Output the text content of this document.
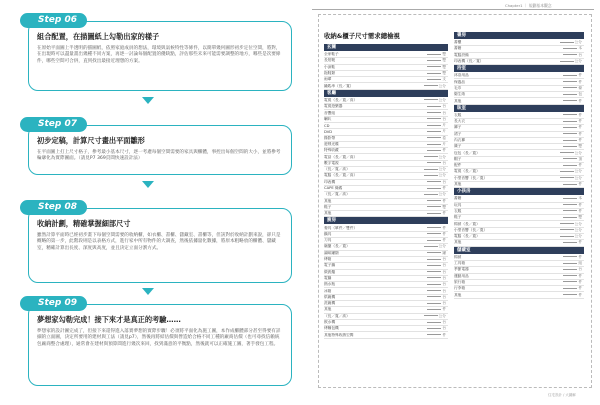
組合配置，在描圖紙上勾勒出家的樣子
在原始平面圖上半透明的描圖紙，依照家庭成員的想法，環境與氣候特性等條件，以簡單幾何圖形初步定位空間，將對，在出現時可以盡量畫出幾種不同方案，再逐一討論每個配置的優缺點，評估那些未來可能需要調整的地方，哪些是次要條件，哪些空間可合併，直到找出最接近理想的方案。
Step 06
初步定稿，計算尺寸畫出平面雛形
在平面圖上打上尺寸格子，參考最小基本尺寸，逐一考慮每個空間需要的家具與櫃體，事控出每個空間的大小，並將參考輪廓化為實際圖面。（請見P7 369頁間快速設計法）
Step 07
收納計劃，精確掌握細部尺寸
雖然計算平面時已經初步畫下每個空間需要的收納櫃，如衣櫃、書櫃、儲藏室、書櫃等，但該對於收納計劃來說，卻只是概略的第一步，此階段則是以表格方式，進行家中所有物件的大調查，然後依據量化數據，將原本粗略放的櫃體、儲藏室，精確計算出長度、深度與高度，並且決定立面分割方式。
Step 08
夢想家勾勒完成！接下來才是真正的考驗……
夢想家的設計圖完成了，但接下來還得進入落實夢想的實際步驟！必須將平面化為施工圖，本作成櫃體部分甚至得要有詳細的立面圖，決定所要用的建材與工法（請見p7），然後再將結估價與營造給合格不同工種的廠商估價（也可尋找信賴統包廠商整合處理），通常會在建材與預算間進行幾次來回，找到滿意的平衡點，然後就可以正確施工圖，著手發包工程。
Step 09
Chapter1 ｜ 規劃基本觀念
收納&櫃子尺寸需求總檢視
玄關
全家鞋子	雙
長短靴	雙
小涼鞋	雙
拖鞋類	雙
雨傘	支
鑰匙串（長／寬）	公分
客廳
電視（長／寬／高）	公分
電視遊樂器	台
音響組	台
喇叭	台
CD	片
DVD	片
錄影帶	卷
遊戲光碟	片
特殊收藏	件
電話（長／寬／高）	公分
數字電視	台
（長／寬／高）	公分
電腦（長／寬／高）	公分
印表機	台
CAPE 條碼	件
（長／寬／高）	公分
其他	件
鞋子	雙
其他	件
廚房
餐具（單件／雙件）	件
鍋具	件
刀具	件
碗盤（長／寬）	公分
調味罐類	罐
烤箱	台
電子鍋	台
微波爐	台
電鍋	台
熱水瓶	台
冰箱	台
烘碗機	台
洗碗機	台
其他	件
（長／寬／高）	公分
飲水機	台
烤麵包機	台
其他特殊收納空間	件
書房
書櫃	公分
書籍	本
電腦設備	台
印表機（長／寬）	公分
浴室
沐浴用品	件
保養品	件
毛巾	條
衛生紙	包
其他	件
臥室
衣服	件
長大衣	件
褲子	件
裙子	件
內衣褲	件
襪子	雙
包包（長／寬）	公分
帽子	頂
配件	件
電視（長／寬）	公分
小型音響（長／寬）	公分
其他	件
小孩房
書籍	本
玩具	件
衣服	件
鞋子	雙
棉被（長／寬）	公分
小型音響（長／寬）	公分
電腦（長／寬）	公分
其他	件
儲藏室
棉被	件
工具箱	組
季節電器	台
運動用品	件
旅行箱	件
行李箱	件
其他	件
住宅設計 / 大圖解
